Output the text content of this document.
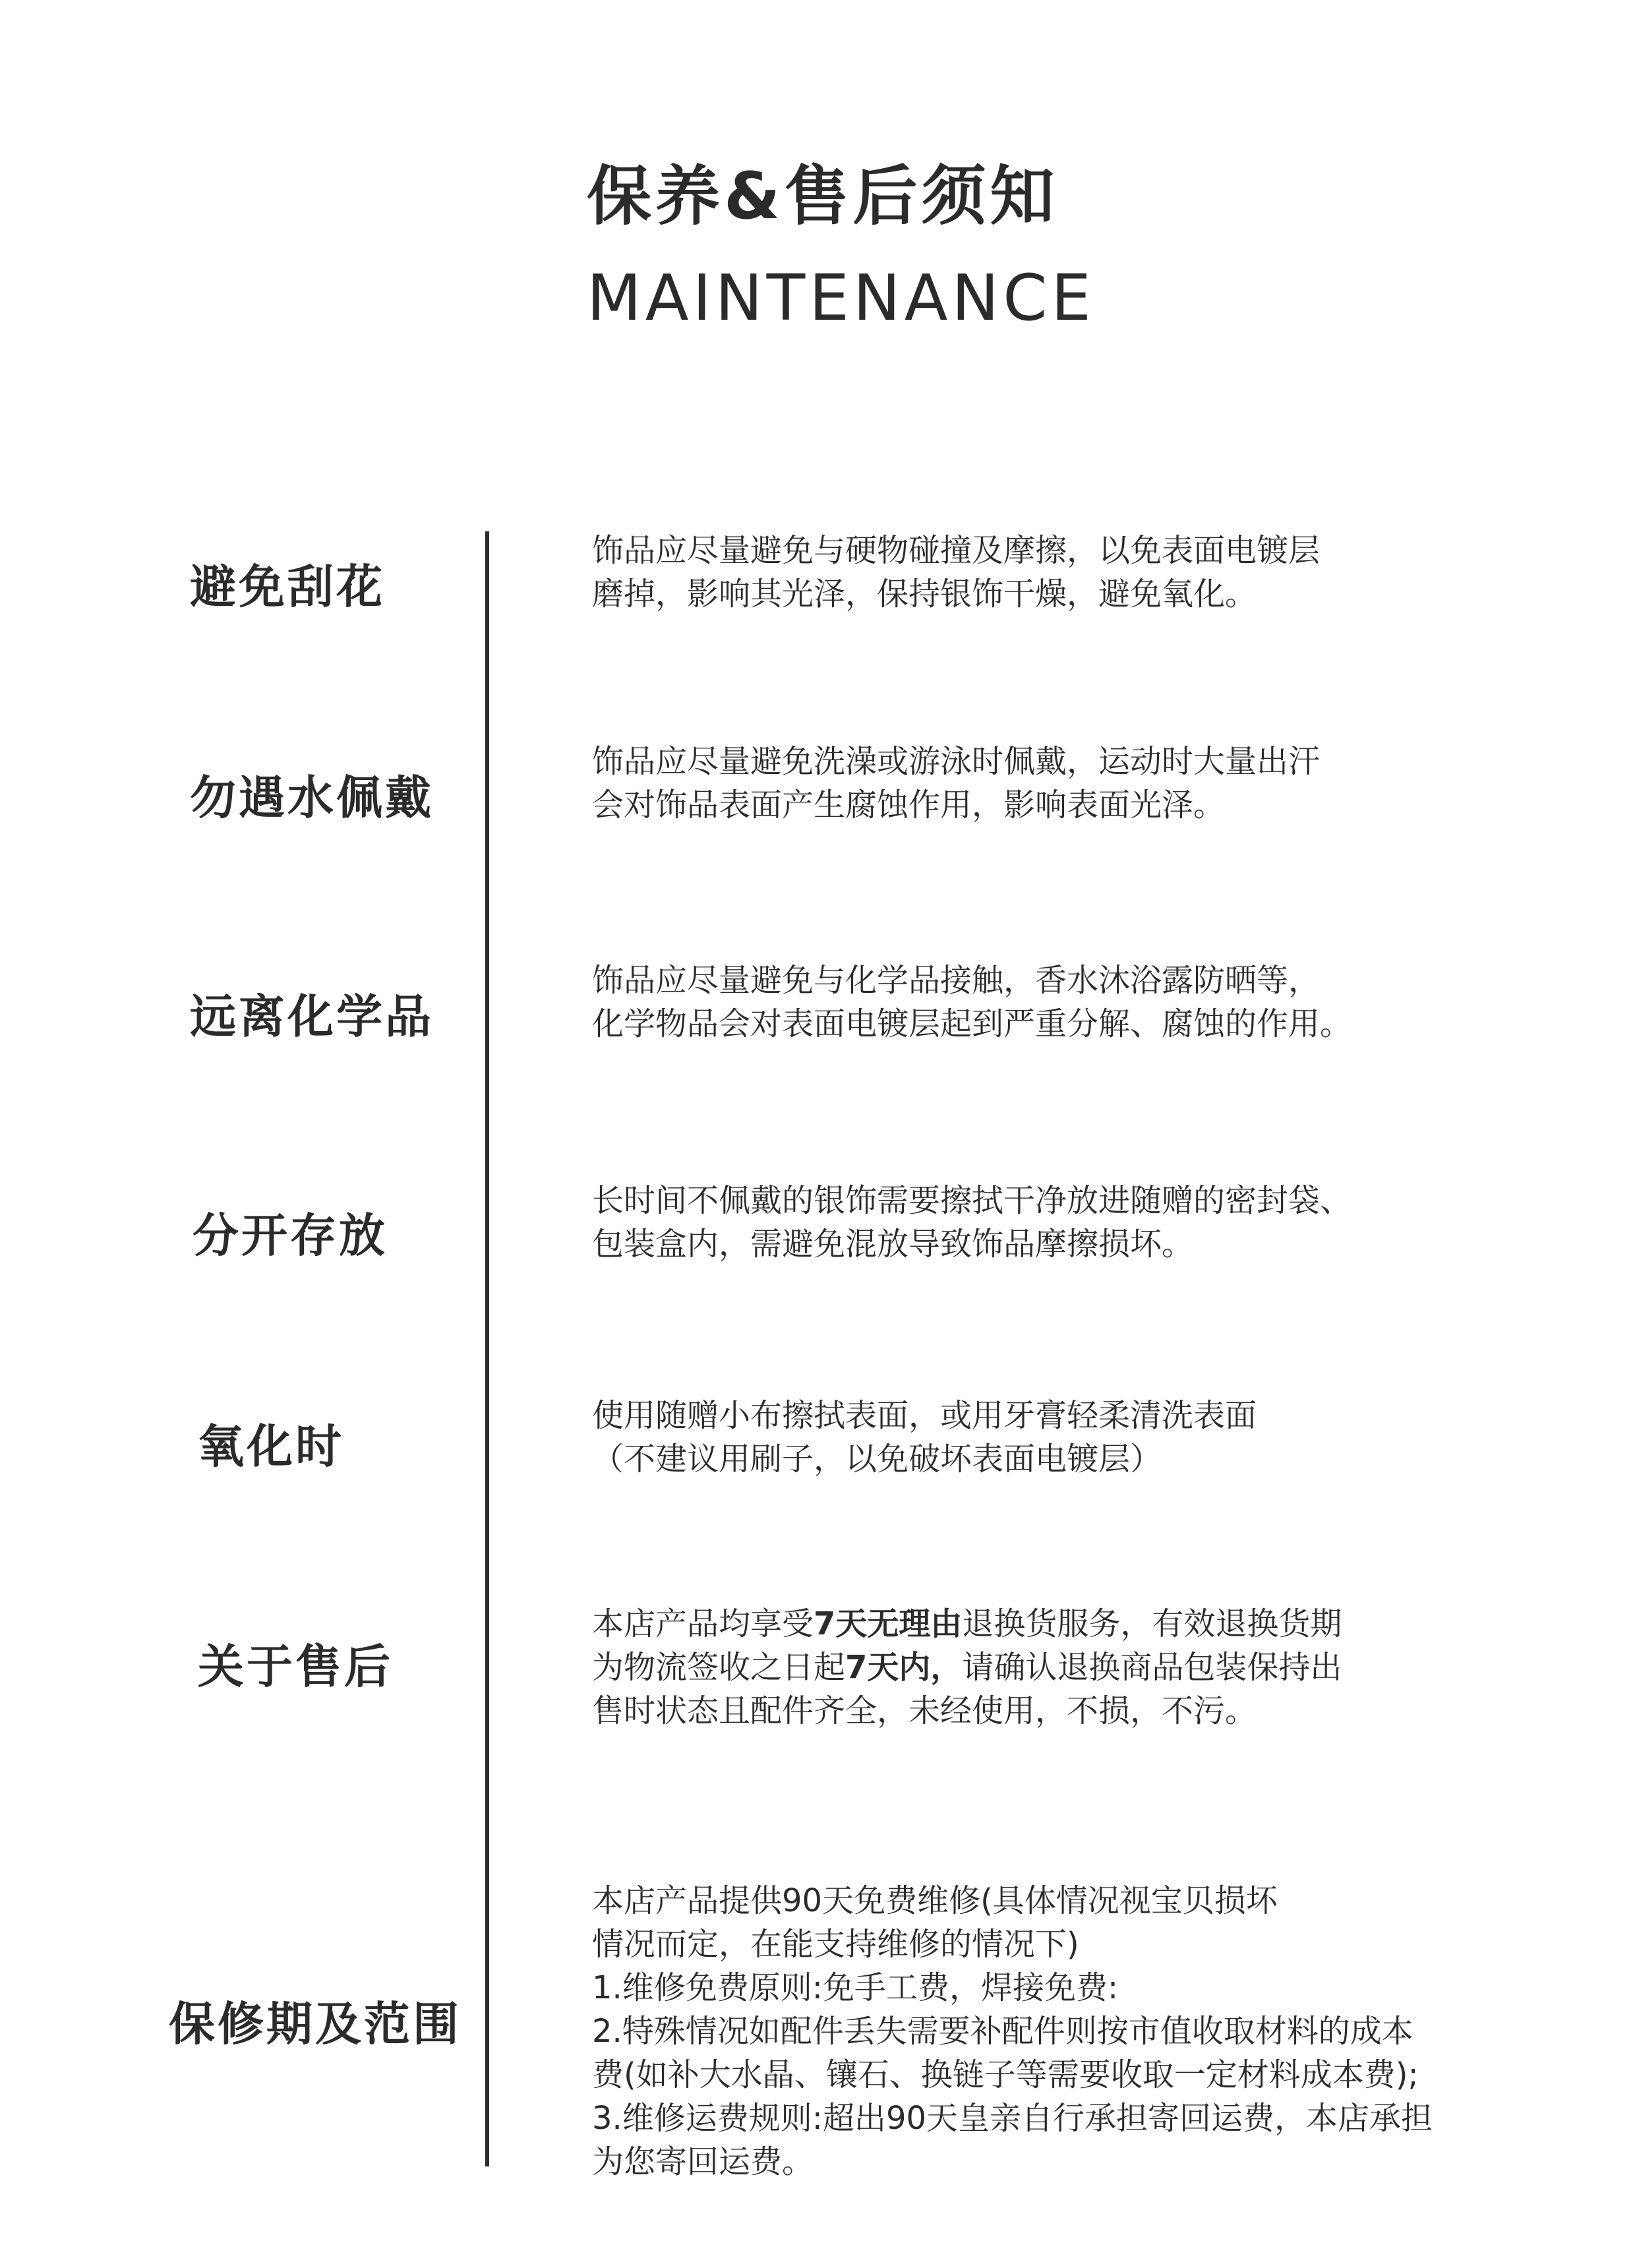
保养&售后须知
MAINTENANCE
避免刮花
饰品应尽量避免与硬物碰撞及摩擦，以免表面电镀层
磨掉，影响其光泽，保持银饰干燥，避免氧化。
勿遇水佩戴
饰品应尽量避免洗澡或游泳时佩戴，运动时大量出汗
会对饰品表面产生腐蚀作用，影响表面光泽。
远离化学品
饰品应尽量避免与化学品接触，香水沐浴露防晒等，
化学物品会对表面电镀层起到严重分解、腐蚀的作用。
分开存放
长时间不佩戴的银饰需要擦拭干净放进随赠的密封袋、
包装盒内，需避免混放导致饰品摩擦损坏。
氧化时
使用随赠小布擦拭表面，或用牙膏轻柔清洗表面
（不建议用刷子，以免破坏表面电镀层）
关于售后
本店产品均享受7天无理由退换货服务，有效退换货期
为物流签收之日起7天内，请确认退换商品包装保持出
售时状态且配件齐全，未经使用，不损，不污。
保修期及范围
本店产品提供90天免费维修(具体情况视宝贝损坏
情况而定，在能支持维修的情况下)
1.维修免费原则:免手工费，焊接免费:
2.特殊情况如配件丢失需要补配件则按市值收取材料的成本
费(如补大水晶、镶石、换链子等需要收取一定材料成本费);
3.维修运费规则:超出90天皇亲自行承担寄回运费，本店承担
为您寄回运费。
